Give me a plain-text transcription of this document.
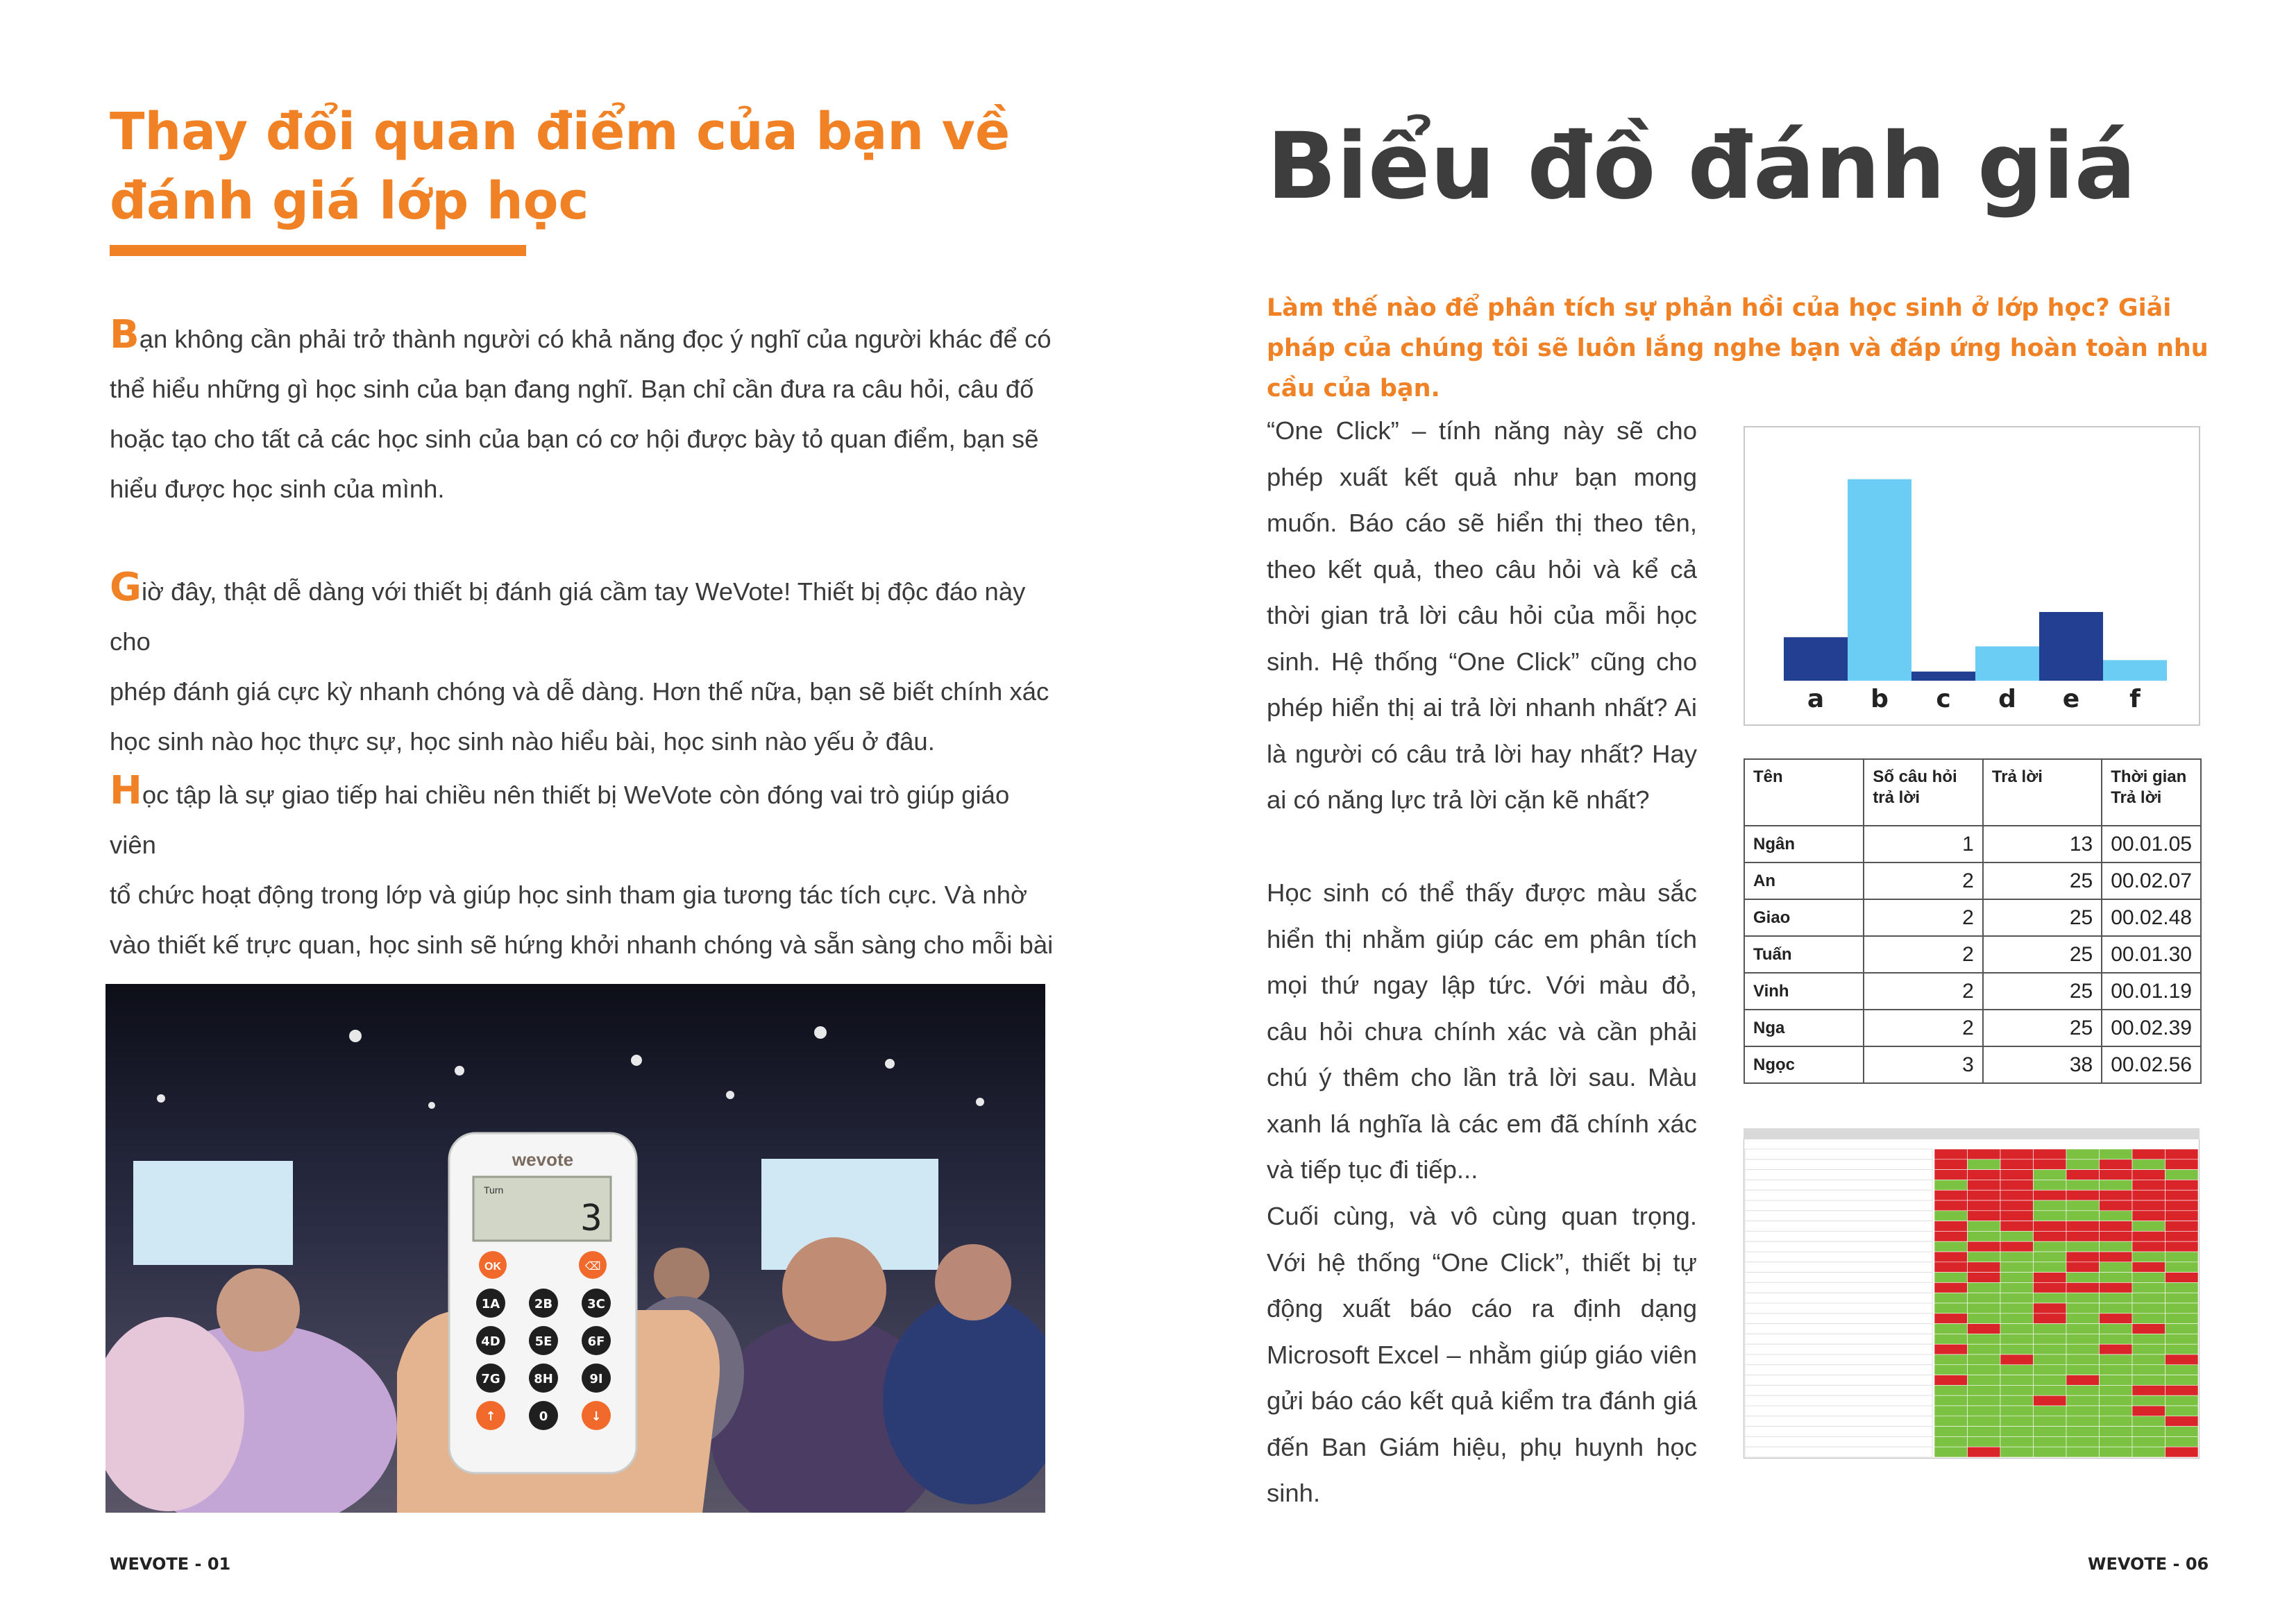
Thay đổi quan điểm của bạn về
đánh giá lớp học

Bạn không cần phải trở thành người có khả năng đọc ý nghĩ của người khác để có
thể hiểu những gì học sinh của bạn đang nghĩ. Bạn chỉ cần đưa ra câu hỏi, câu đố hoặc tạo cho tất cả các học sinh của bạn có cơ hội được bày tỏ quan điểm, bạn sẽ hiểu được học sinh của mình.

Giờ đây, thật dễ dàng với thiết bị đánh giá cầm tay WeVote! Thiết bị độc đáo này cho
phép đánh giá cực kỳ nhanh chóng và dễ dàng. Hơn thế nữa, bạn sẽ biết chính xác học sinh nào học thực sự, học sinh nào hiểu bài, học sinh nào yếu ở đâu.

Học tập là sự giao tiếp hai chiều nên thiết bị WeVote còn đóng vai trò giúp giáo viên
tổ chức hoạt động trong lớp và giúp học sinh tham gia tương tác tích cực. Và nhờ vào thiết kế trực quan, học sinh sẽ hứng khởi nhanh chóng và sẵn sàng cho mỗi bài

wevote
Turn
3
OK	⌫
1A	2B	3C
4D	5E	6F
7G	8H	9I
↑	0	↓
WEVOTE - 01
Biểu đồ đánh giá

Làm thế nào để phân tích sự phản hồi của học sinh ở lớp học? Giải pháp của chúng tôi sẽ luôn lắng nghe bạn và đáp ứng hoàn toàn nhu cầu của bạn.

“One Click” – tính năng này sẽ cho phép xuất kết quả như bạn mong muốn. Báo cáo sẽ hiển thị theo tên, theo kết quả, theo câu hỏi và kể cả thời gian trả lời câu hỏi của mỗi học sinh. Hệ thống “One Click” cũng cho phép hiển thị ai trả lời nhanh nhất? Ai là người có câu trả lời hay nhất? Hay ai có năng lực trả lời cặn kẽ nhất?

Học sinh có thể thấy được màu sắc hiển thị nhằm giúp các em phân tích mọi thứ ngay lập tức. Với màu đỏ, câu hỏi chưa chính xác và cần phải chú ý thêm cho lần trả lời sau. Màu xanh lá nghĩa là các em đã chính xác và tiếp tục đi tiếp...

Cuối cùng, và vô cùng quan trọng. Với hệ thống “One Click”, thiết bị tự động xuất báo cáo ra định dạng Microsoft Excel – nhằm giúp giáo viên gửi báo cáo kết quả kiểm tra đánh giá đến Ban Giám hiệu, phụ huynh học sinh.

a b c d e f
Tên	Số câu hỏi trả lời	Trả lời	Thời gian Trả lời
Ngân	1	13	00.01.05
An	2	25	00.02.07
Giao	2	25	00.02.48
Tuấn	2	25	00.01.30
Vinh	2	25	00.01.19
Nga	2	25	00.02.39
Ngọc	3	38	00.02.56
WEVOTE - 06
